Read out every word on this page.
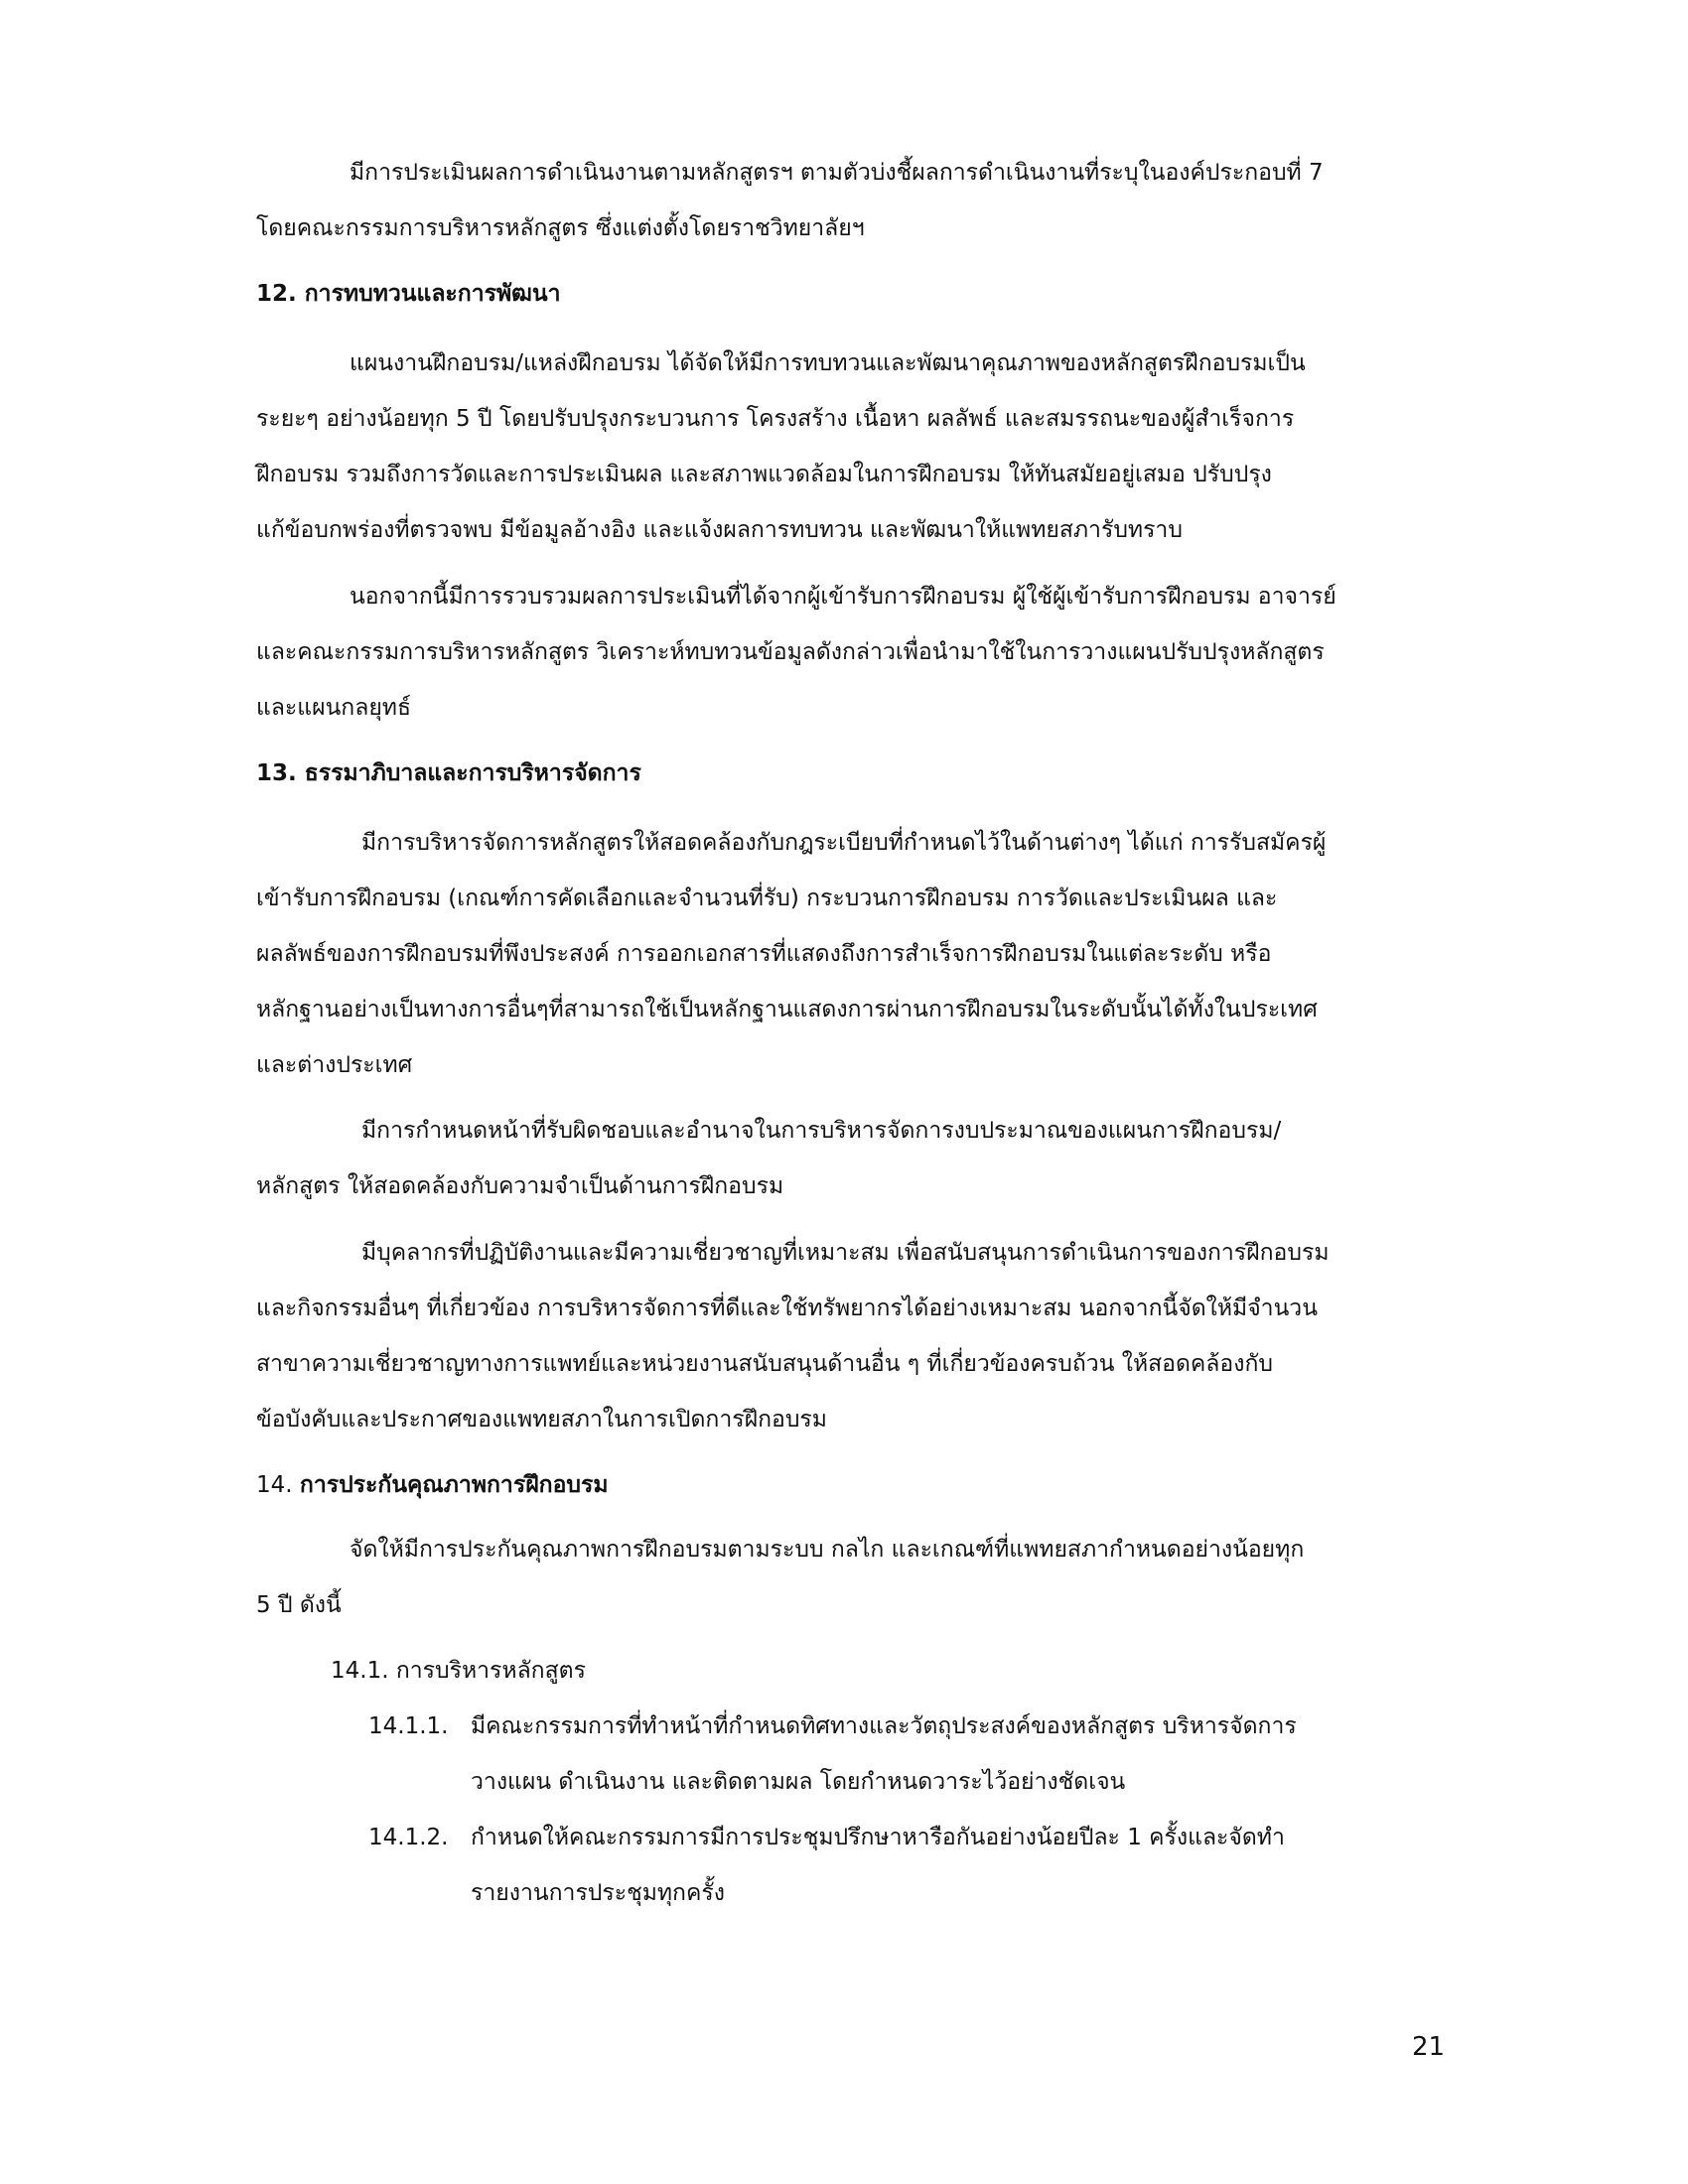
มีการประเมินผลการดำเนินงานตามหลักสูตรฯ ตามตัวบ่งชี้ผลการดำเนินงานที่ระบุในองค์ประกอบที่ 7

โดยคณะกรรมการบริหารหลักสูตร ซึ่งแต่งตั้งโดยราชวิทยาลัยฯ

12. การทบทวนและการพัฒนา

แผนงานฝึกอบรม/แหล่งฝึกอบรม ได้จัดให้มีการทบทวนและพัฒนาคุณภาพของหลักสูตรฝึกอบรมเป็น

ระยะๆ อย่างน้อยทุก 5 ปี โดยปรับปรุงกระบวนการ โครงสร้าง เนื้อหา ผลลัพธ์ และสมรรถนะของผู้สำเร็จการ

ฝึกอบรม รวมถึงการวัดและการประเมินผล และสภาพแวดล้อมในการฝึกอบรม ให้ทันสมัยอยู่เสมอ ปรับปรุง

แก้ข้อบกพร่องที่ตรวจพบ มีข้อมูลอ้างอิง และแจ้งผลการทบทวน และพัฒนาให้แพทยสภารับทราบ

นอกจากนี้มีการรวบรวมผลการประเมินที่ได้จากผู้เข้ารับการฝึกอบรม ผู้ใช้ผู้เข้ารับการฝึกอบรม อาจารย์

และคณะกรรมการบริหารหลักสูตร วิเคราะห์ทบทวนข้อมูลดังกล่าวเพื่อนำมาใช้ในการวางแผนปรับปรุงหลักสูตร

และแผนกลยุทธ์

13. ธรรมาภิบาลและการบริหารจัดการ

มีการบริหารจัดการหลักสูตรให้สอดคล้องกับกฎระเบียบที่กำหนดไว้ในด้านต่างๆ ได้แก่ การรับสมัครผู้

เข้ารับการฝึกอบรม (เกณฑ์การคัดเลือกและจำนวนที่รับ) กระบวนการฝึกอบรม การวัดและประเมินผล และ

ผลลัพธ์ของการฝึกอบรมที่พึงประสงค์ การออกเอกสารที่แสดงถึงการสำเร็จการฝึกอบรมในแต่ละระดับ หรือ

หลักฐานอย่างเป็นทางการอื่นๆที่สามารถใช้เป็นหลักฐานแสดงการผ่านการฝึกอบรมในระดับนั้นได้ทั้งในประเทศ

และต่างประเทศ

มีการกำหนดหน้าที่รับผิดชอบและอำนาจในการบริหารจัดการงบประมาณของแผนการฝึกอบรม/

หลักสูตร ให้สอดคล้องกับความจำเป็นด้านการฝึกอบรม

มีบุคลากรที่ปฏิบัติงานและมีความเชี่ยวชาญที่เหมาะสม เพื่อสนับสนุนการดำเนินการของการฝึกอบรม

และกิจกรรมอื่นๆ ที่เกี่ยวข้อง การบริหารจัดการที่ดีและใช้ทรัพยากรได้อย่างเหมาะสม นอกจากนี้จัดให้มีจำนวน

สาขาความเชี่ยวชาญทางการแพทย์และหน่วยงานสนับสนุนด้านอื่น ๆ ที่เกี่ยวข้องครบถ้วน ให้สอดคล้องกับ

ข้อบังคับและประกาศของแพทยสภาในการเปิดการฝึกอบรม

14. การประกันคุณภาพการฝึกอบรม

จัดให้มีการประกันคุณภาพการฝึกอบรมตามระบบ กลไก และเกณฑ์ที่แพทยสภากำหนดอย่างน้อยทุก

5 ปี ดังนี้

14.1. การบริหารหลักสูตร

14.1.1. มีคณะกรรมการที่ทำหน้าที่กำหนดทิศทางและวัตถุประสงค์ของหลักสูตร บริหารจัดการ

วางแผน ดำเนินงาน และติดตามผล โดยกำหนดวาระไว้อย่างชัดเจน

14.1.2. กำหนดให้คณะกรรมการมีการประชุมปรึกษาหารือกันอย่างน้อยปีละ 1 ครั้งและจัดทำ

รายงานการประชุมทุกครั้ง

21
